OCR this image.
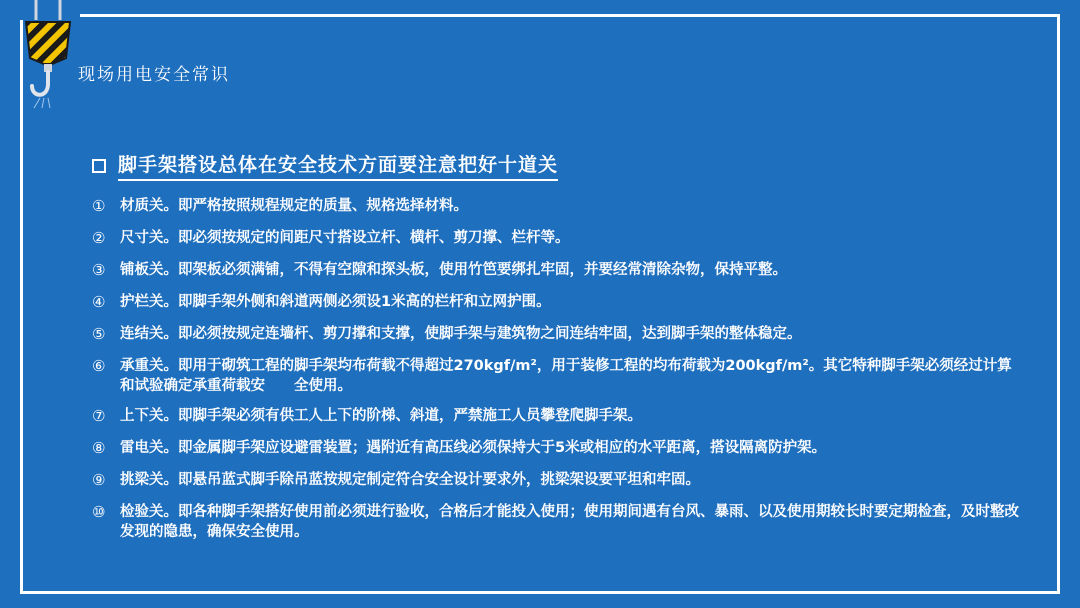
现场用电安全常识
脚手架搭设总体在安全技术方面要注意把好十道关
①	材质关。即严格按照规程规定的质量、规格选择材料。
②	尺寸关。即必须按规定的间距尺寸搭设立杆、横杆、剪刀撑、栏杆等。
③	铺板关。即架板必须满铺，不得有空隙和探头板，使用竹笆要绑扎牢固，并要经常清除杂物，保持平整。
④	护栏关。即脚手架外侧和斜道两侧必须设1米高的栏杆和立网护围。
⑤	连结关。即必须按规定连墙杆、剪刀撑和支撑，使脚手架与建筑物之间连结牢固，达到脚手架的整体稳定。
⑥	承重关。即用于砌筑工程的脚手架均布荷载不得超过270kgf/m²，用于装修工程的均布荷载为200kgf/m²。其它特种脚手架必须经过计算和试验确定承重荷载安　　全使用。
⑦	上下关。即脚手架必须有供工人上下的阶梯、斜道，严禁施工人员攀登爬脚手架。
⑧	雷电关。即金属脚手架应设避雷装置；遇附近有高压线必须保持大于5米或相应的水平距离，搭设隔离防护架。
⑨	挑梁关。即悬吊蓝式脚手除吊蓝按规定制定符合安全设计要求外，挑梁架设要平坦和牢固。
⑩	检验关。即各种脚手架搭好使用前必须进行验收，合格后才能投入使用；使用期间遇有台风、暴雨、以及使用期较长时要定期检查，及时整改发现的隐患，确保安全使用。
